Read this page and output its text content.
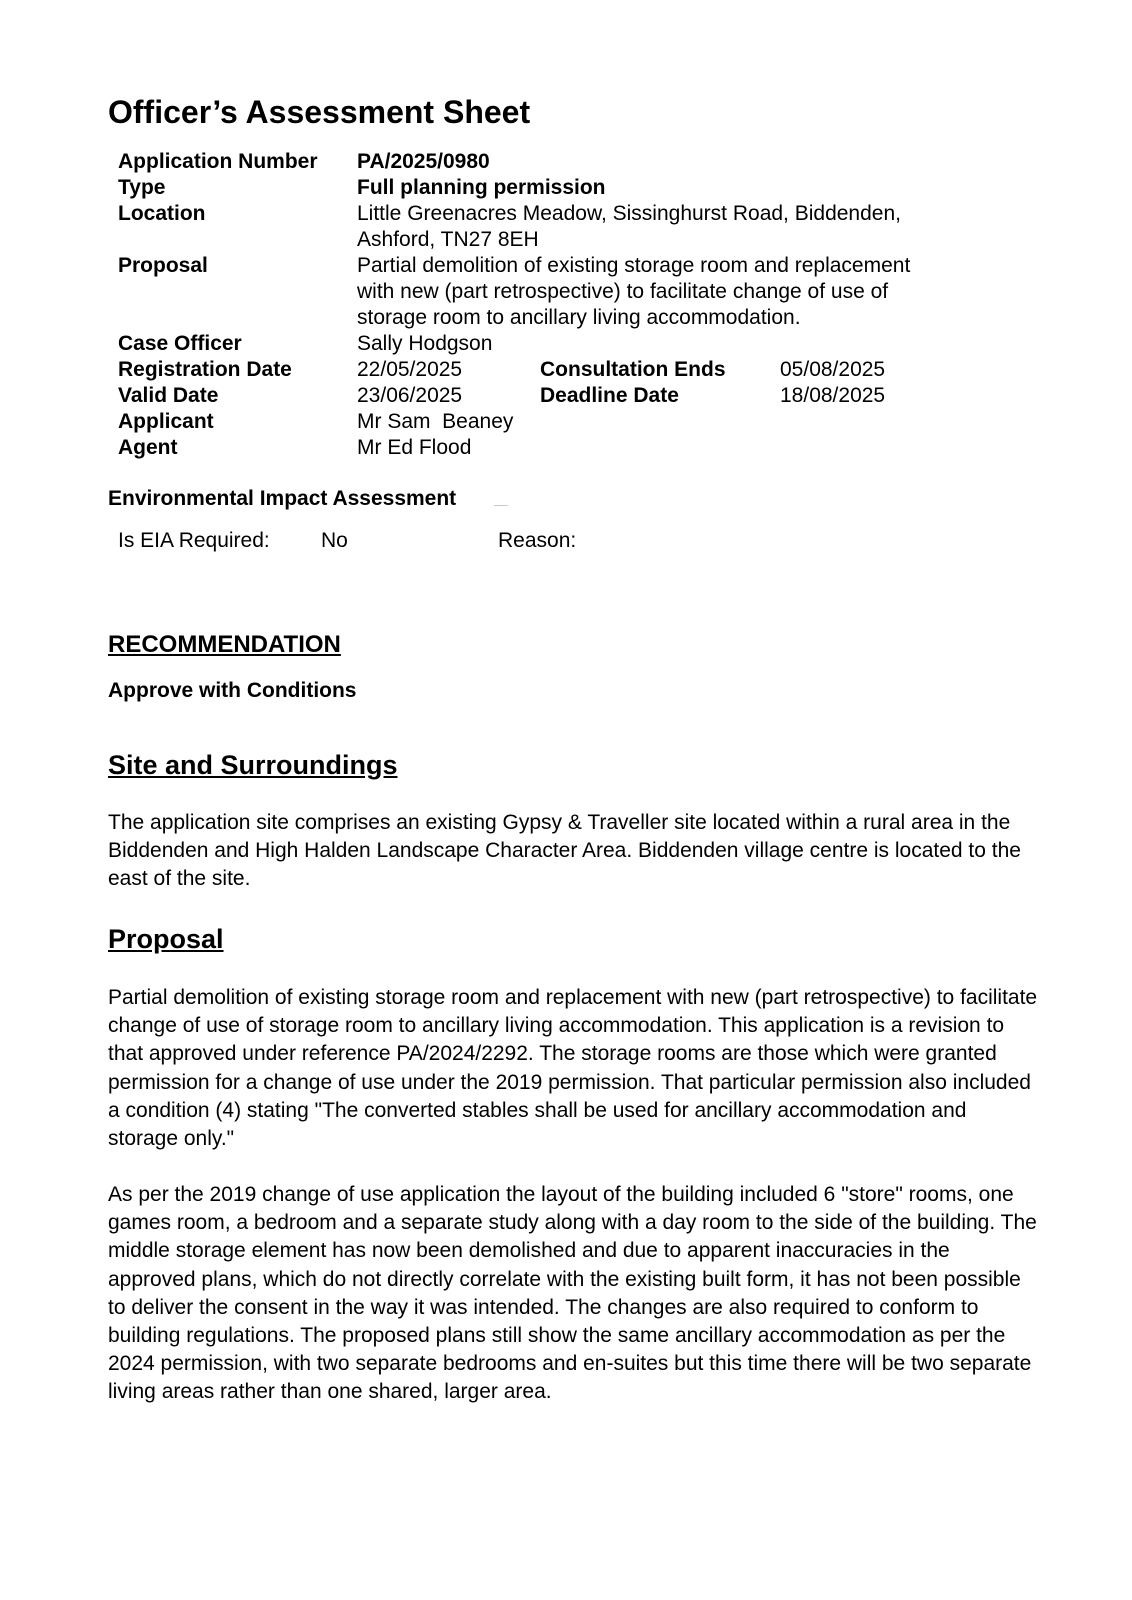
Officer’s Assessment Sheet
Application Number PA/2025/0980
Type	Full planning permission
Location	Little Greenacres Meadow, Sissinghurst Road, Biddenden,
Ashford, TN27 8EH
Proposal	Partial demolition of existing storage room and replacement
with new (part retrospective) to facilitate change of use of
storage room to ancillary living accommodation.
Case Officer	Sally Hodgson
Registration Date	22/05/2025	Consultation Ends	05/08/2025
Valid Date	23/06/2025	Deadline Date	18/08/2025
Applicant	Mr Sam  Beaney
Agent	Mr Ed Flood
Environmental Impact Assessment
Is EIA Required: No	Reason:
RECOMMENDATION
Approve with Conditions
Site and Surroundings

The application site comprises an existing Gypsy & Traveller site located within a rural area in the Biddenden and High Halden Landscape Character Area. Biddenden village centre is located to the east of the site.

Proposal

Partial demolition of existing storage room and replacement with new (part retrospective) to facilitate change of use of storage room to ancillary living accommodation. This application is a revision to that approved under reference PA/2024/2292. The storage rooms are those which were granted permission for a change of use under the 2019 permission. That particular permission also included a condition (4) stating "The converted stables shall be used for ancillary accommodation and storage only."

As per the 2019 change of use application the layout of the building included 6 "store" rooms, one games room, a bedroom and a separate study along with a day room to the side of the building. The middle storage element has now been demolished and due to apparent inaccuracies in the approved plans, which do not directly correlate with the existing built form, it has not been possible to deliver the consent in the way it was intended. The changes are also required to conform to building regulations. The proposed plans still show the same ancillary accommodation as per the 2024 permission, with two separate bedrooms and en-suites but this time there will be two separate living areas rather than one shared, larger area.
